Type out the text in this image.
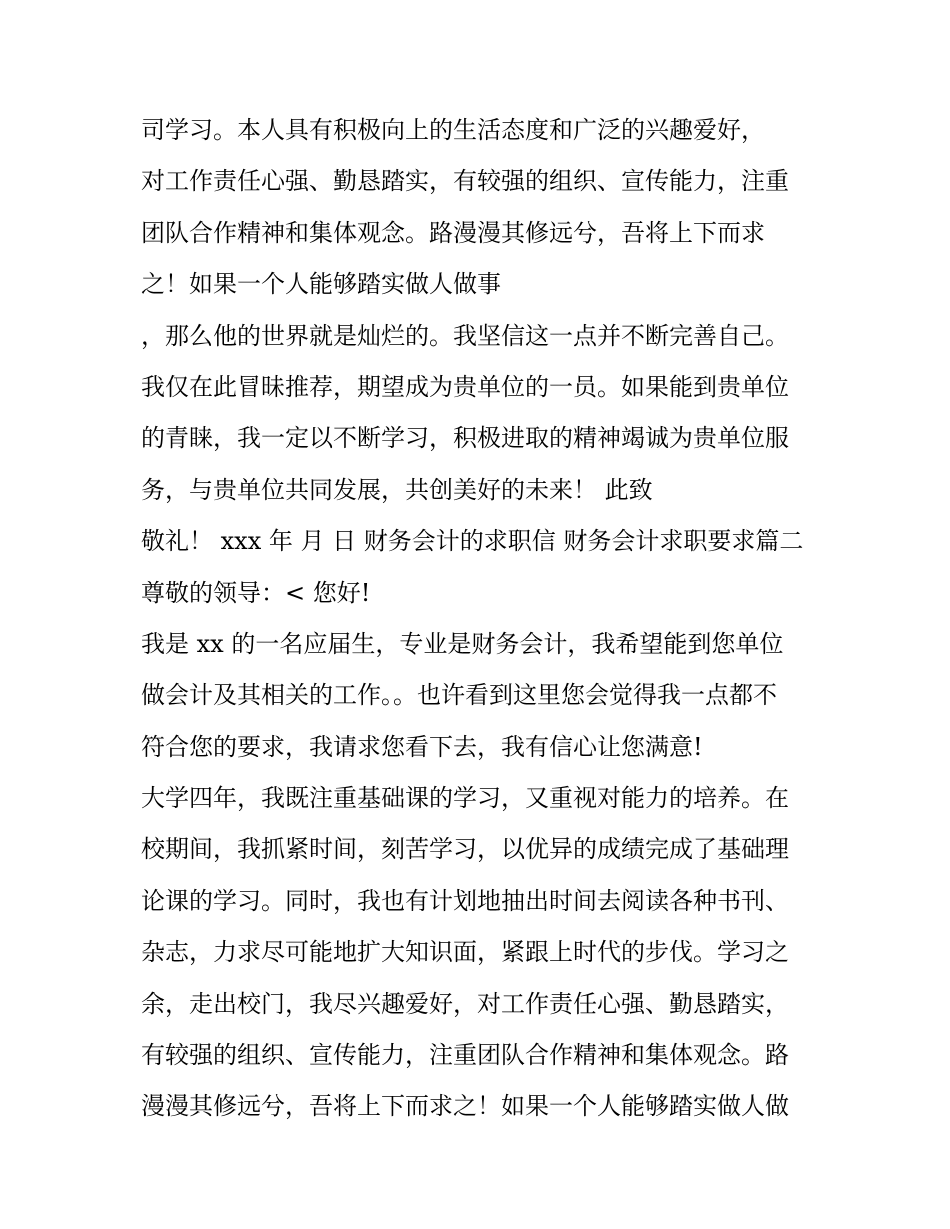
司学习。本人具有积极向上的生活态度和广泛的兴趣爱好，
对工作责任心强、勤恳踏实，有较强的组织、宣传能力，注重
团队合作精神和集体观念。路漫漫其修远兮，吾将上下而求
之！如果一个人能够踏实做人做事
，那么他的世界就是灿烂的。我坚信这一点并不断完善自己。
我仅在此冒昧推荐，期望成为贵单位的一员。如果能到贵单位
的青睐，我一定以不断学习，积极进取的精神竭诚为贵单位服
务，与贵单位共同发展，共创美好的未来！ 此致
敬礼！ xxx 年 月 日 财务会计的求职信 财务会计求职要求篇二
尊敬的领导：< 您好!
我是 xx 的一名应届生，专业是财务会计，我希望能到您单位
做会计及其相关的工作。。也许看到这里您会觉得我一点都不
符合您的要求，我请求您看下去，我有信心让您满意!
大学四年，我既注重基础课的学习，又重视对能力的培养。在
校期间，我抓紧时间，刻苦学习，以优异的成绩完成了基础理
论课的学习。同时，我也有计划地抽出时间去阅读各种书刊、
杂志，力求尽可能地扩大知识面，紧跟上时代的步伐。学习之
余，走出校门，我尽兴趣爱好，对工作责任心强、勤恳踏实，
有较强的组织、宣传能力，注重团队合作精神和集体观念。路
漫漫其修远兮，吾将上下而求之！如果一个人能够踏实做人做
